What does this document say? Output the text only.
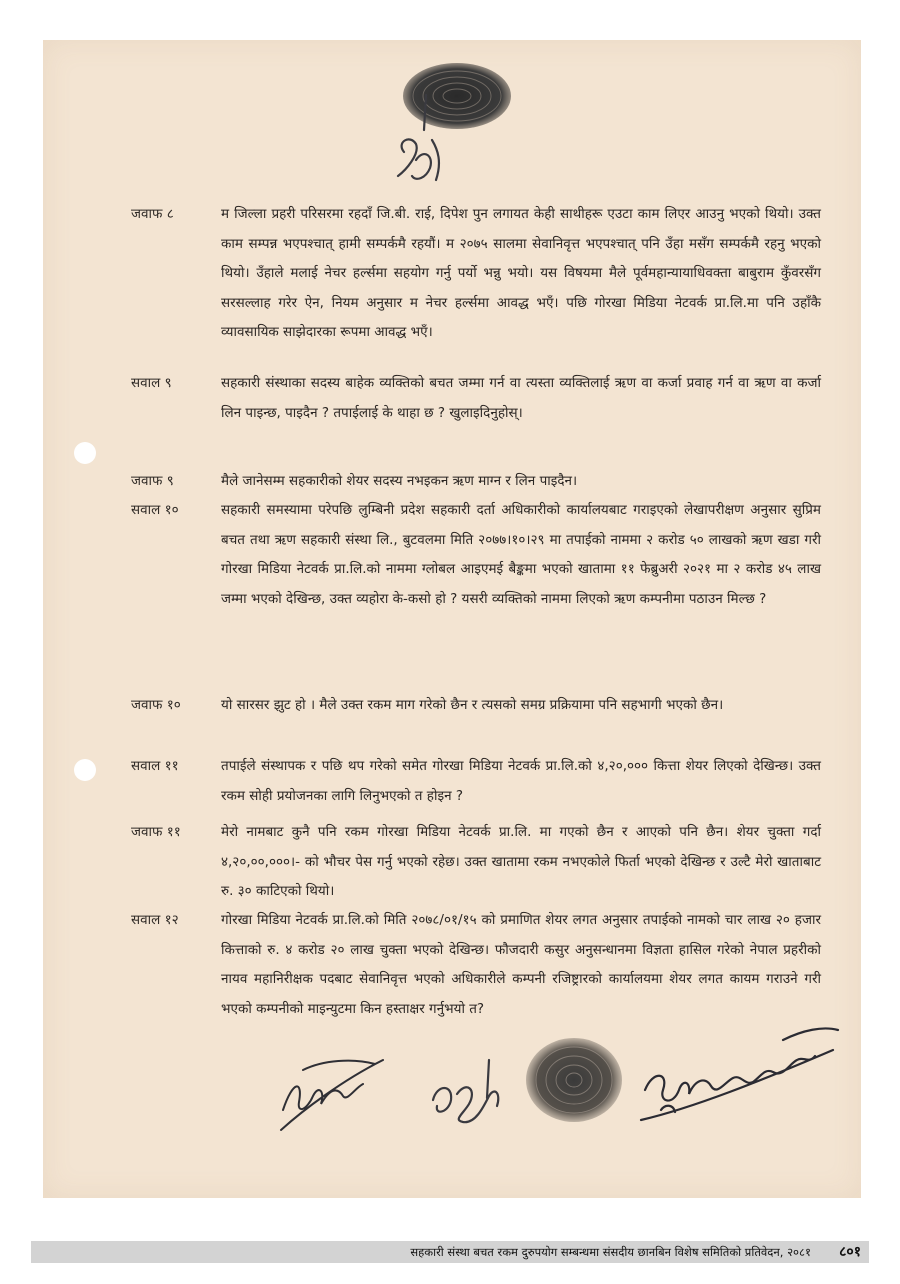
जवाफ ८	म जिल्ला प्रहरी परिसरमा रहदाँ जि.बी. राई, दिपेश पुन लगायत केही साथीहरू एउटा काम लिएर आउनु भएको थियो। उक्त काम सम्पन्न भएपश्चात् हामी सम्पर्कमै रहयौं। म २०७५ सालमा सेवानिवृत्त भएपश्चात् पनि उँहा मसँग सम्पर्कमै रहनु भएको थियो। उँहाले मलाई नेचर हर्ल्समा सहयोग गर्नु पर्यो भन्नु भयो। यस विषयमा मैले पूर्वमहान्यायाधिवक्ता बाबुराम कुँवरसँग सरसल्लाह गरेर ऐन, नियम अनुसार म नेचर हर्ल्समा आवद्ध भएँ। पछि गोरखा मिडिया नेटवर्क प्रा.लि.मा पनि उहाँकै व्यावसायिक साझेदारका रूपमा आवद्ध भएँ।
सवाल ९	सहकारी संस्थाका सदस्य बाहेक व्यक्तिको बचत जम्मा गर्न वा त्यस्ता व्यक्तिलाई ऋण वा कर्जा प्रवाह गर्न वा ऋण वा कर्जा लिन पाइन्छ, पाइदैन ? तपाईलाई के थाहा छ ? खुलाइदिनुहोस्।
जवाफ ९	मैले जानेसम्म सहकारीको शेयर सदस्य नभइकन ऋण माग्न र लिन पाइदैन।
सवाल १०	सहकारी समस्यामा परेपछि लुम्बिनी प्रदेश सहकारी दर्ता अधिकारीको कार्यालयबाट गराइएको लेखापरीक्षण अनुसार सुप्रिम बचत तथा ऋण सहकारी संस्था लि., बुटवलमा मिति २०७७।१०।२९ मा तपाईको नाममा २ करोड ५० लाखको ऋण खडा गरी गोरखा मिडिया नेटवर्क प्रा.लि.को नाममा ग्लोबल आइएमई बैङ्कमा भएको खातामा ११ फेब्रुअरी २०२१ मा २ करोड ४५ लाख जम्मा भएको देखिन्छ, उक्त व्यहोरा के-कसो हो ? यसरी व्यक्तिको नाममा लिएको ऋण कम्पनीमा पठाउन मिल्छ ?
जवाफ १०	यो सारसर झुट हो । मैले उक्त रकम माग गरेको छैन र त्यसको समग्र प्रक्रियामा पनि सहभागी भएको छैन।
सवाल ११	तपाईले संस्थापक र पछि थप गरेको समेत गोरखा मिडिया नेटवर्क प्रा.लि.को ४,२०,००० कित्ता शेयर लिएको देखिन्छ। उक्त रकम सोही प्रयोजनका लागि लिनुभएको त होइन ?
जवाफ ११	मेरो नामबाट कुनै पनि रकम गोरखा मिडिया नेटवर्क प्रा.लि. मा गएको छैन र आएको पनि छैन। शेयर चुक्ता गर्दा ४,२०,००,०००।- को भौचर पेस गर्नु भएको रहेछ। उक्त खातामा रकम नभएकोले फिर्ता भएको देखिन्छ र उल्टै मेरो खाताबाट रु. ३० काटिएको थियो।
सवाल १२	गोरखा मिडिया नेटवर्क प्रा.लि.को मिति २०७८/०१/१५ को प्रमाणित शेयर लगत अनुसार तपाईको नामको चार लाख २० हजार कित्ताको रु. ४ करोड २० लाख चुक्ता भएको देखिन्छ। फौजदारी कसुर अनुसन्धानमा विज्ञता हासिल गरेको नेपाल प्रहरीको नायव महानिरीक्षक पदबाट सेवानिवृत्त भएको अधिकारीले कम्पनी रजिष्ट्रारको कार्यालयमा शेयर लगत कायम गराउने गरी भएको कम्पनीको माइन्युटमा किन हस्ताक्षर गर्नुभयो त?
सहकारी संस्था बचत रकम दुरुपयोग सम्बन्धमा संसदीय छानबिन विशेष समितिको प्रतिवेदन, २०८१ ८०१
